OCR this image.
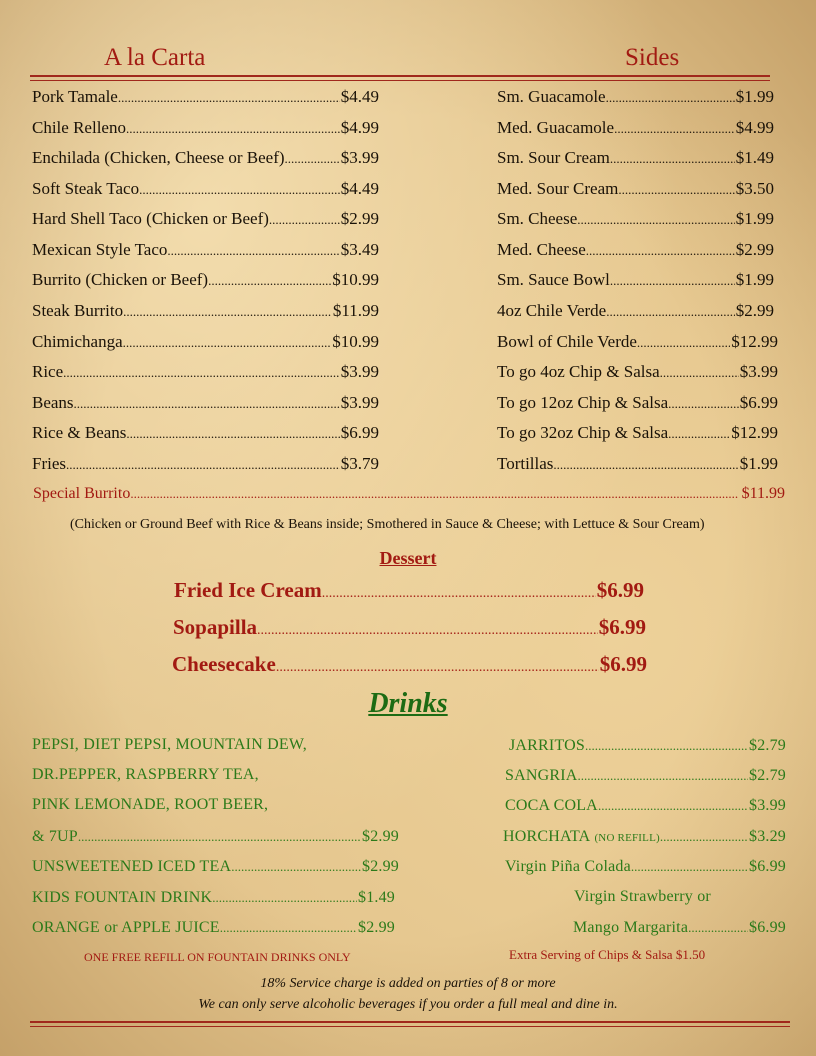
A la Carta	Sides
Pork Tamale .....	$4.49
Chile Relleno .....	$4.99
Enchilada (Chicken, Cheese or Beef) .....	$3.99
Soft Steak Taco .....	$4.49
Hard Shell Taco (Chicken or Beef) .....	$2.99
Mexican Style Taco .....	$3.49
Burrito (Chicken or Beef) .....	$10.99
Steak Burrito .....	$11.99
Chimichanga .....	$10.99
Rice .....	$3.99
Beans .....	$3.99
Rice & Beans .....	$6.99
Fries .....	$3.79
Sm. Guacamole .....	$1.99
Med. Guacamole .....	$4.99
Sm. Sour Cream .....	$1.49
Med. Sour Cream .....	$3.50
Sm. Cheese .....	$1.99
Med. Cheese .....	$2.99
Sm. Sauce Bowl .....	$1.99
4oz Chile Verde .....	$2.99
Bowl of Chile Verde .....	$12.99
To go 4oz Chip & Salsa .....	$3.99
To go 12oz Chip & Salsa .....	$6.99
To go 32oz Chip & Salsa .....	$12.99
Tortillas .....	$1.99
Special Burrito .....	$11.99
(Chicken or Ground Beef with Rice & Beans inside; Smothered in Sauce & Cheese; with Lettuce & Sour Cream)
Dessert
Fried Ice Cream .....	$6.99
Sopapilla .....	$6.99
Cheesecake .....	$6.99
Drinks
PEPSI, DIET PEPSI, MOUNTAIN DEW,
DR.PEPPER, RASPBERRY TEA,
PINK LEMONADE, ROOT BEER,
& 7UP .....	$2.99
UNSWEETENED ICED TEA .....	$2.99
KIDS FOUNTAIN DRINK .....	$1.49
ORANGE or APPLE JUICE .....	$2.99
ONE FREE REFILL ON FOUNTAIN DRINKS ONLY
JARRITOS .....	$2.79
SANGRIA .....	$2.79
COCA COLA .....	$3.99
HORCHATA (NO REFILL) .....	$3.29
Virgin Piña Colada .....	$6.99
Virgin Strawberry or
Mango Margarita .....	$6.99
Extra Serving of Chips & Salsa $1.50
18% Service charge is added on parties of 8 or more
We can only serve alcoholic beverages if you order a full meal and dine in.
